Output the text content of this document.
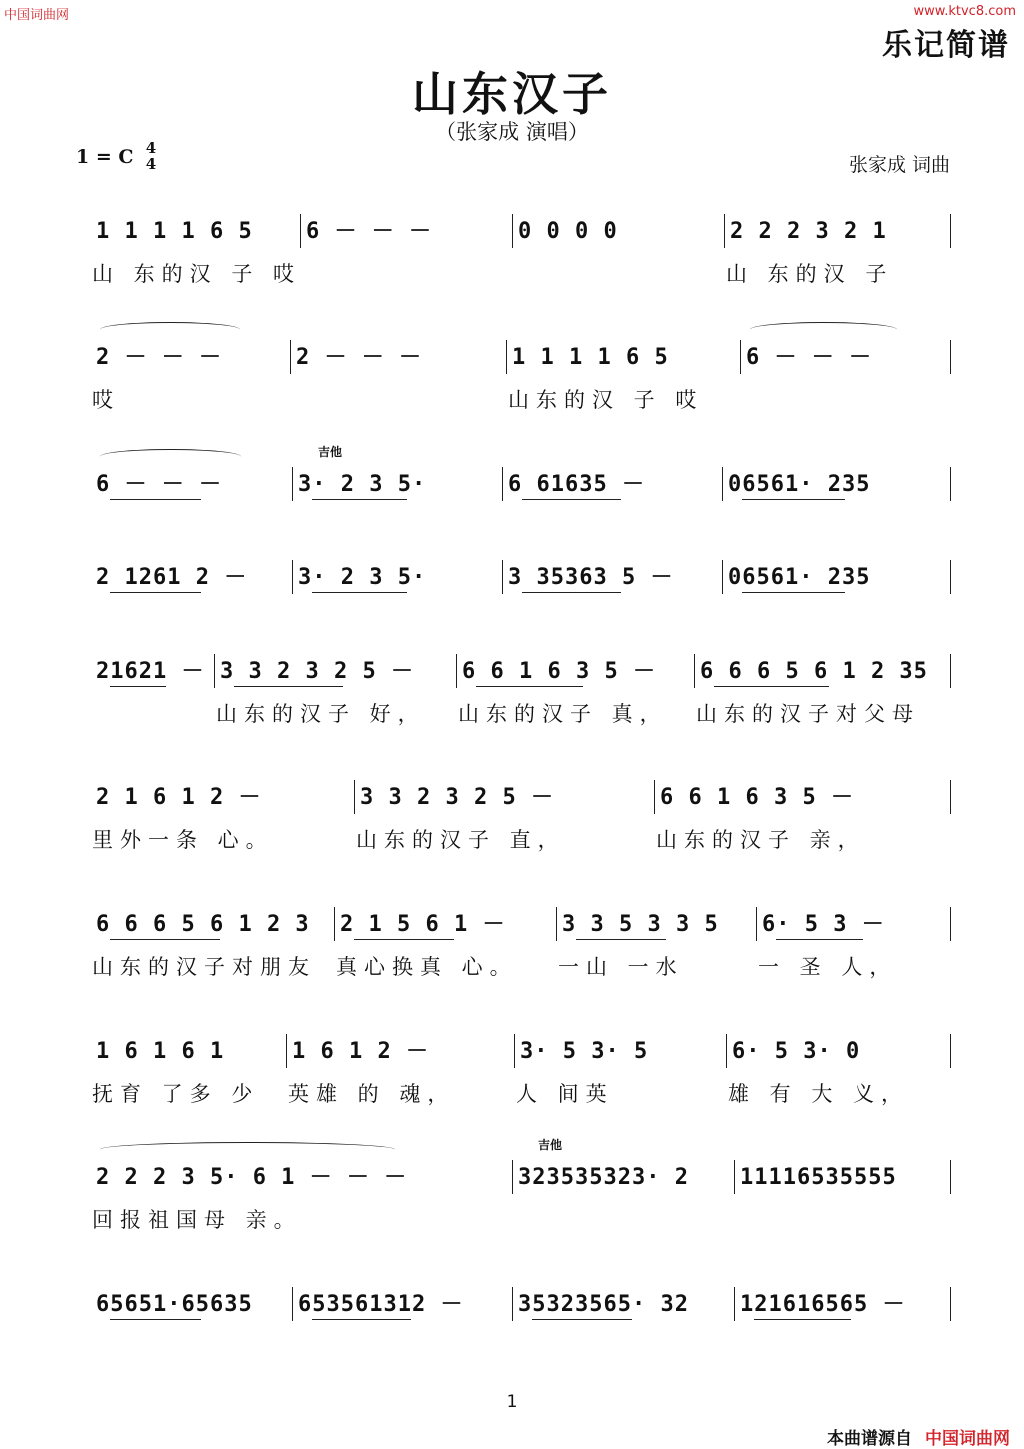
中国词曲网	www.ktvc8.com
乐记简谱
山东汉子
（张家成 演唱）
1 = C 4
4	张家成 词曲
1 1 1 1 6 5	6 － － －	0 0 0 0	2 2 2 3 2 1
山 东的汉 子 哎	山 东的汉 子
2 － － －	2 － － －	1 1 1 1 6 5	6 － － －
哎	山东的汉 子 哎
6 － － －	3· 2 3 5·	6 61635 －	06561· 235
吉他
2 1261 2 －	3· 2 3 5·	3 35363 5 －	06561· 235
21621 － 3 3 2 3 2 5 －	6 6 1 6 3 5 －	6 6 6 5 6 1 2 35
山东的汉子 好， 山东的汉子 真， 山东的汉子对父母
2 1 6 1 2 －	3 3 2 3 2 5 －	6 6 1 6 3 5 －
里外一条 心。	山东的汉子 直，	山东的汉子 亲，
6 6 6 5 6 1 2 3	2 1 5 6 1 －	3 3 5 3 3 5	6· 5 3 －
山东的汉子对朋友 真心换真 心。 一山 一水	一 圣 人，
1 6 1 6 1	1 6 1 2 －	3· 5 3· 5	6· 5 3· 0
抚育 了多 少 英雄 的 魂，	人 间英	雄 有 大 义，
2 2 2 3 5· 6 1 － － －	323535323· 2	11116535555
回报祖国母 亲。
吉他
65651·65635	653561312 －	35323565· 32	121616565 －
1
本曲谱源自 中国词曲网
